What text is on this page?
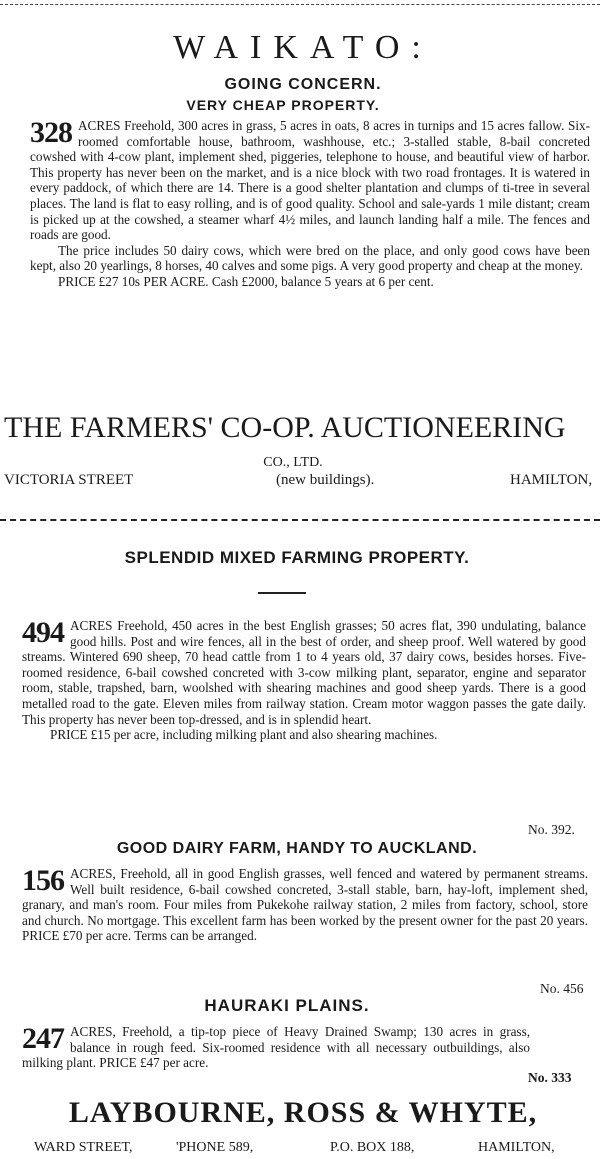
WAIKATO:
GOING CONCERN.
VERY CHEAP PROPERTY.
328 ACRES Freehold, 300 acres in grass, 5 acres in oats, 8 acres in turnips and 15 acres fallow. Six-roomed comfortable house, bathroom, washhouse, etc.; 3-stalled stable, 8-bail concreted cowshed with 4-cow plant, implement shed, piggeries, telephone to house, and beautiful view of harbor. This property has never been on the market, and is a nice block with two road frontages. It is watered in every paddock, of which there are 14. There is a good shelter plantation and clumps of ti-tree in several places. The land is flat to easy rolling, and is of good quality. School and sale-yards 1 mile distant; cream is picked up at the cowshed, a steamer wharf 4½ miles, and launch landing half a mile. The fences and roads are good.
The price includes 50 dairy cows, which were bred on the place, and only good cows have been kept, also 20 yearlings, 8 horses, 40 calves and some pigs. A very good property and cheap at the money.
PRICE £27 10s PER ACRE. Cash £2000, balance 5 years at 6 per cent.
THE FARMERS' CO-OP. AUCTIONEERING
CO., LTD.
VICTORIA STREET	(new buildings).	HAMILTON,
SPLENDID MIXED FARMING PROPERTY.
494 ACRES Freehold, 450 acres in the best English grasses; 50 acres flat, 390 undulating, balance good hills. Post and wire fences, all in the best of order, and sheep proof. Well watered by good streams. Wintered 690 sheep, 70 head cattle from 1 to 4 years old, 37 dairy cows, besides horses. Five-roomed residence, 6-bail cowshed concreted with 3-cow milking plant, separator, engine and separator room, stable, trapshed, barn, woolshed with shearing machines and good sheep yards. There is a good metalled road to the gate. Eleven miles from railway station. Cream motor waggon passes the gate daily. This property has never been top-dressed, and is in splendid heart.
PRICE £15 per acre, including milking plant and also shearing machines.
No. 392.
GOOD DAIRY FARM, HANDY TO AUCKLAND.
156 ACRES, Freehold, all in good English grasses, well fenced and watered by permanent streams. Well built residence, 6-bail cowshed concreted, 3-stall stable, barn, hay-loft, implement shed, granary, and man's room. Four miles from Pukekohe railway station, 2 miles from factory, school, store and church. No mortgage. This excellent farm has been worked by the present owner for the past 20 years. PRICE £70 per acre. Terms can be arranged.
No. 456
HAURAKI PLAINS.
247 ACRES, Freehold, a tip-top piece of Heavy Drained Swamp; 130 acres in grass, balance in rough feed. Six-roomed residence with all necessary outbuildings, also milking plant. PRICE £47 per acre.
No. 333
LAYBOURNE, ROSS & WHYTE,
WARD STREET,	'PHONE 589,	P.O. BOX 188,	HAMILTON,
